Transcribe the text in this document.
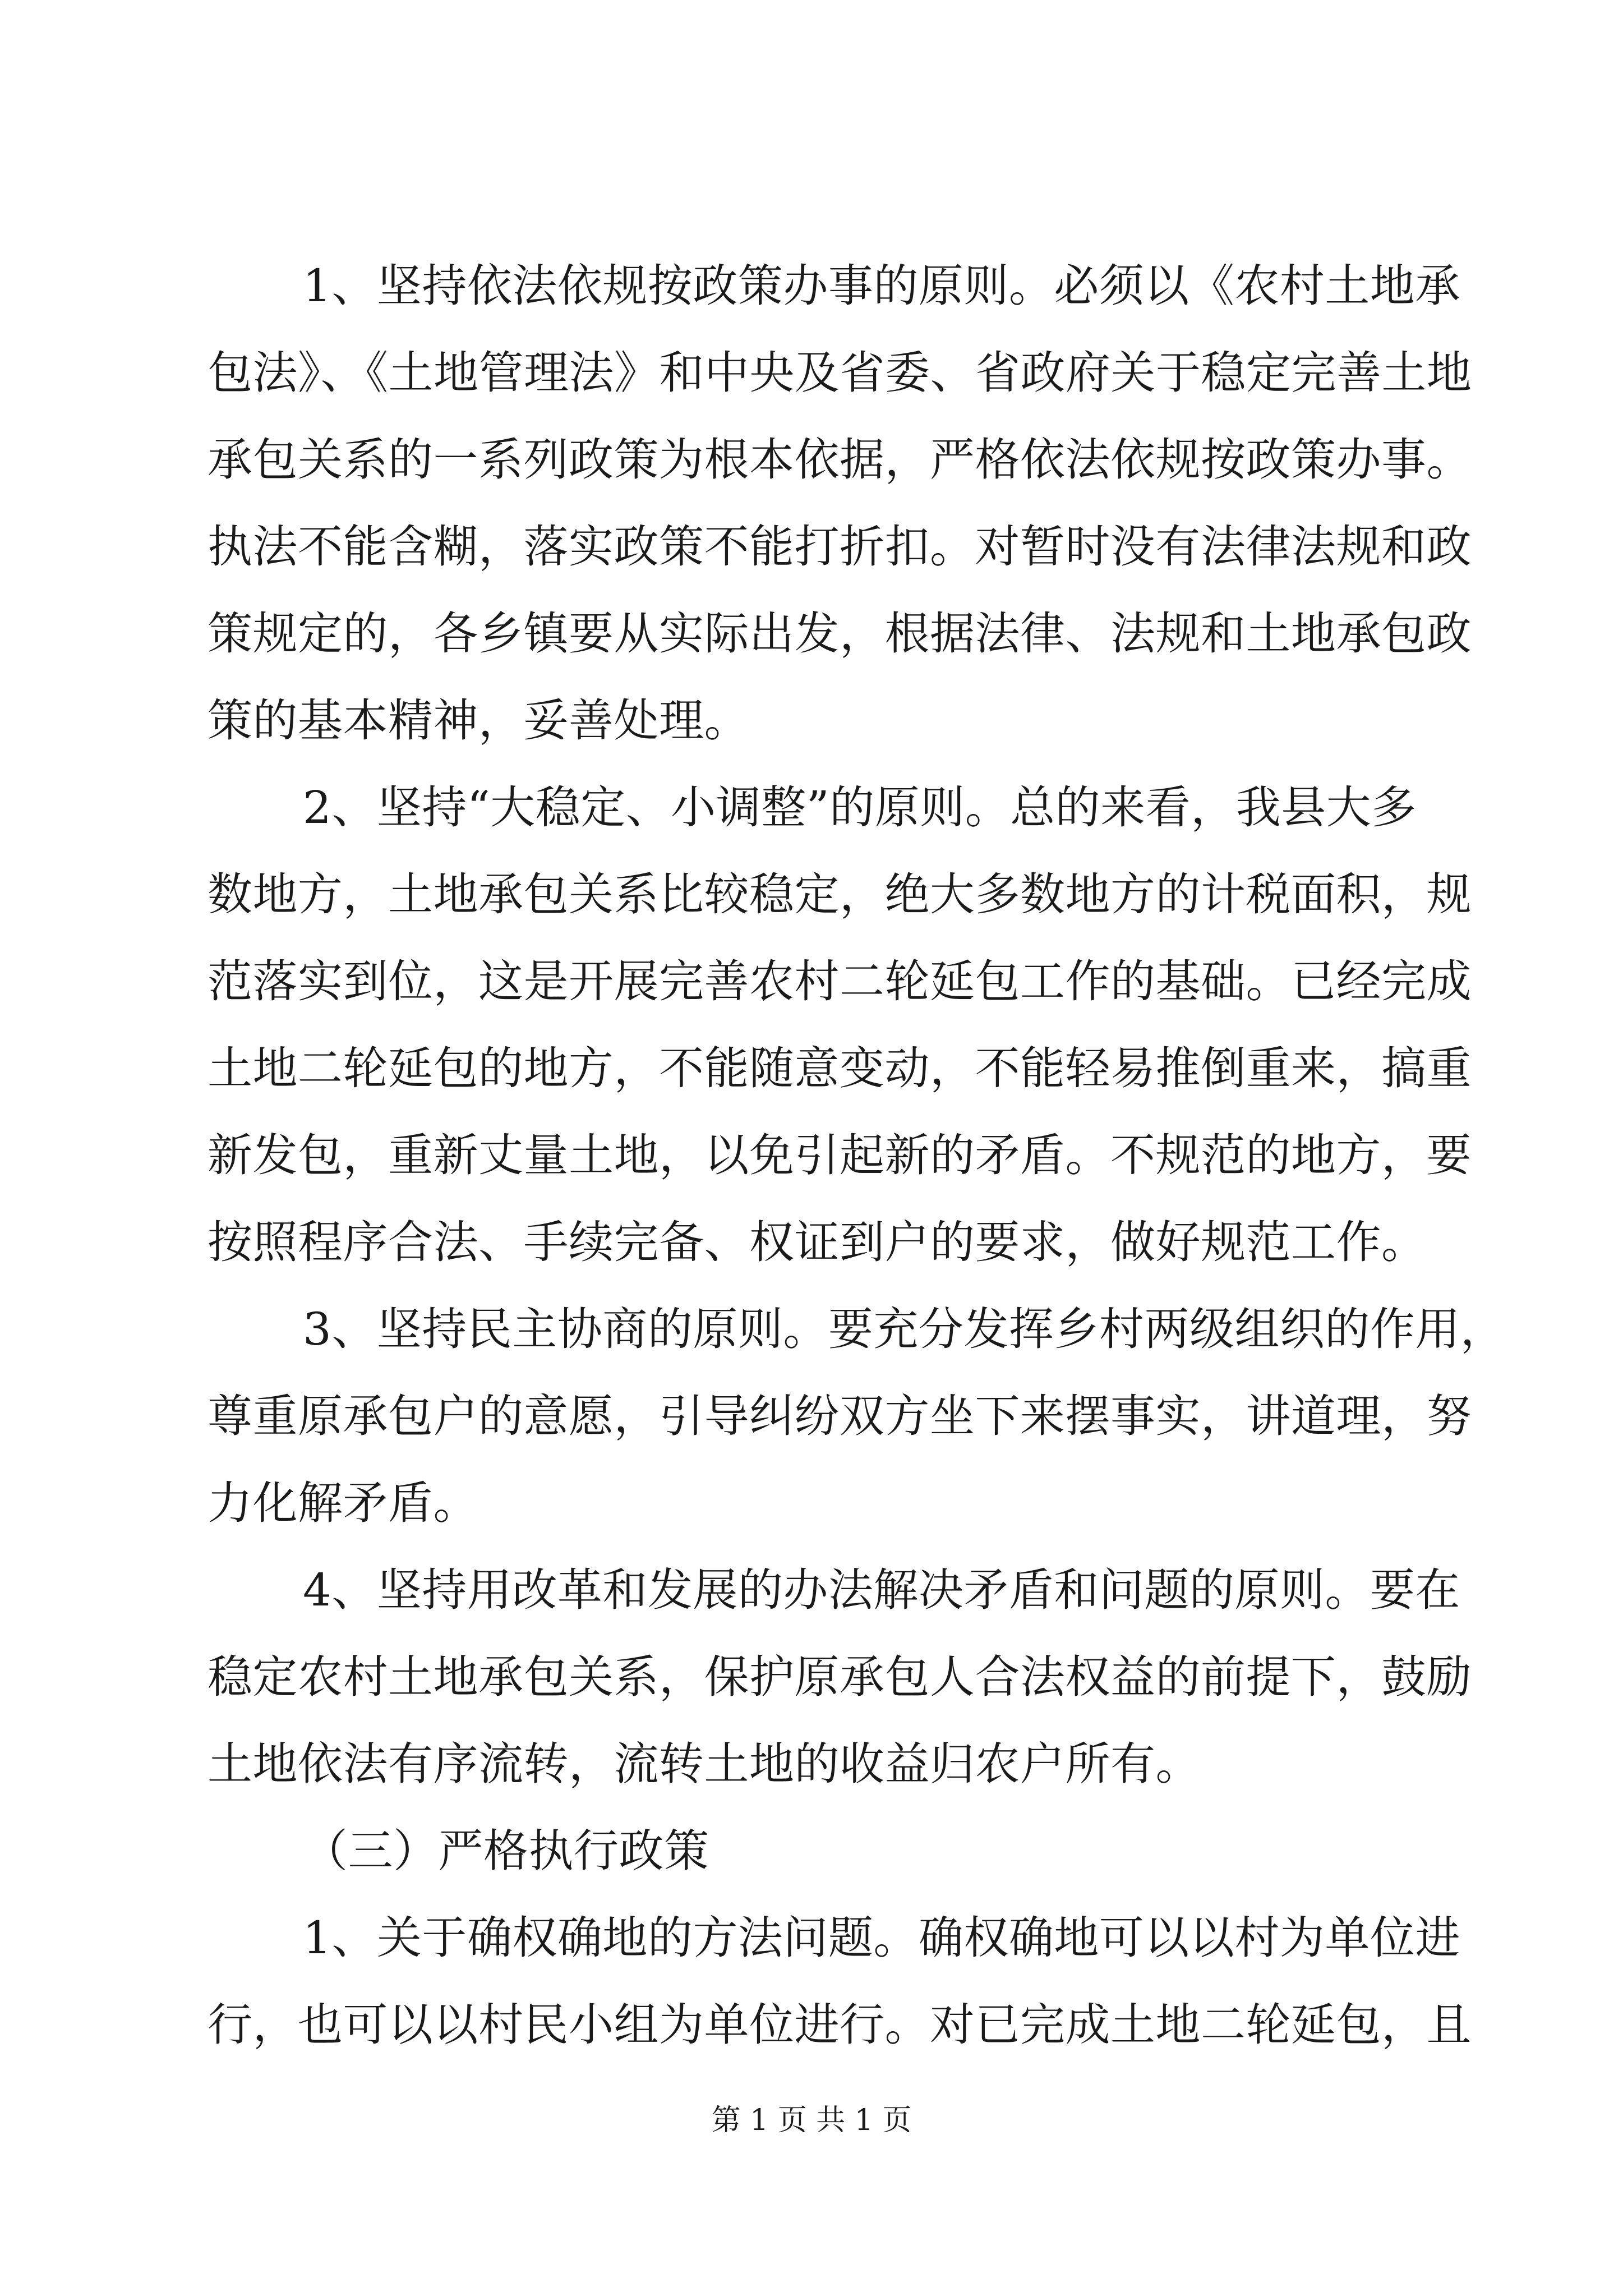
1、坚持依法依规按政策办事的原则。必须以《农村土地承
包法》、《土地管理法》和中央及省委、省政府关于稳定完善土地
承包关系的一系列政策为根本依据，严格依法依规按政策办事。
执法不能含糊，落实政策不能打折扣。对暂时没有法律法规和政
策规定的，各乡镇要从实际出发，根据法律、法规和土地承包政
策的基本精神，妥善处理。
2、坚持“大稳定、小调整”的原则。总的来看，我县大多
数地方，土地承包关系比较稳定，绝大多数地方的计税面积，规
范落实到位，这是开展完善农村二轮延包工作的基础。已经完成
土地二轮延包的地方，不能随意变动，不能轻易推倒重来，搞重
新发包，重新丈量土地，以免引起新的矛盾。不规范的地方，要
按照程序合法、手续完备、权证到户的要求，做好规范工作。
3、坚持民主协商的原则。要充分发挥乡村两级组织的作用，
尊重原承包户的意愿，引导纠纷双方坐下来摆事实，讲道理，努
力化解矛盾。
4、坚持用改革和发展的办法解决矛盾和问题的原则。要在
稳定农村土地承包关系，保护原承包人合法权益的前提下，鼓励
土地依法有序流转，流转土地的收益归农户所有。
（三）严格执行政策
1、关于确权确地的方法问题。确权确地可以以村为单位进
行，也可以以村民小组为单位进行。对已完成土地二轮延包，且
第 1 页 共 1 页
